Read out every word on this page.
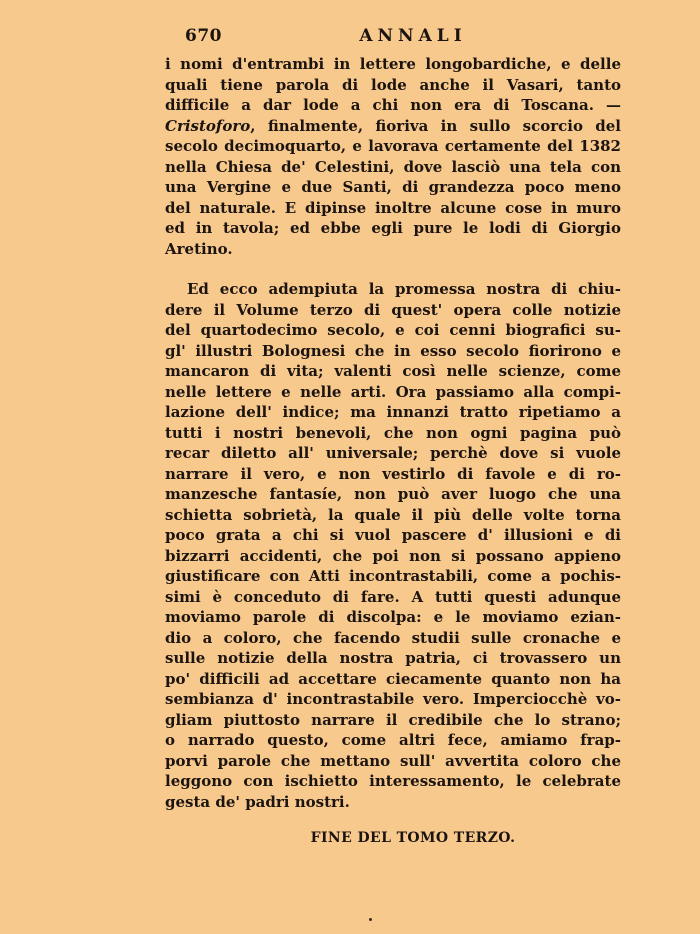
670	ANNALI
i nomi d'entrambi in lettere longobardiche, e delle
quali tiene parola di lode anche il Vasari, tanto
difficile a dar lode a chi non era di Toscana. —
Cristoforo, finalmente, fioriva in sullo scorcio del
secolo decimoquarto, e lavorava certamente del 1382
nella Chiesa de' Celestini, dove lasciò una tela con
una Vergine e due Santi, di grandezza poco meno
del naturale. E dipinse inoltre alcune cose in muro
ed in tavola; ed ebbe egli pure le lodi di Giorgio
Aretino.
Ed ecco adempiuta la promessa nostra di chiu-
dere il Volume terzo di quest' opera colle notizie
del quartodecimo secolo, e coi cenni biografici su-
gl' illustri Bolognesi che in esso secolo fiorirono e
mancaron di vita; valenti così nelle scienze, come
nelle lettere e nelle arti. Ora passiamo alla compi-
lazione dell' indice; ma innanzi tratto ripetiamo a
tutti i nostri benevoli, che non ogni pagina può
recar diletto all' universale; perchè dove si vuole
narrare il vero, e non vestirlo di favole e di ro-
manzesche fantasíe, non può aver luogo che una
schietta sobrietà, la quale il più delle volte torna
poco grata a chi si vuol pascere d' illusioni e di
bizzarri accidenti, che poi non si possano appieno
giustificare con Atti incontrastabili, come a pochis-
simi è conceduto di fare. A tutti questi adunque
moviamo parole di discolpa: e le moviamo ezian-
dio a coloro, che facendo studii sulle cronache e
sulle notizie della nostra patria, ci trovassero un
po' difficili ad accettare ciecamente quanto non ha
sembianza d' incontrastabile vero. Imperciocchè vo-
gliam piuttosto narrare il credibile che lo strano;
o narrado questo, come altri fece, amiamo frap-
porvi parole che mettano sull' avvertita coloro che
leggono con ischietto interessamento, le celebrate
gesta de' padri nostri.
FINE DEL TOMO TERZO.
